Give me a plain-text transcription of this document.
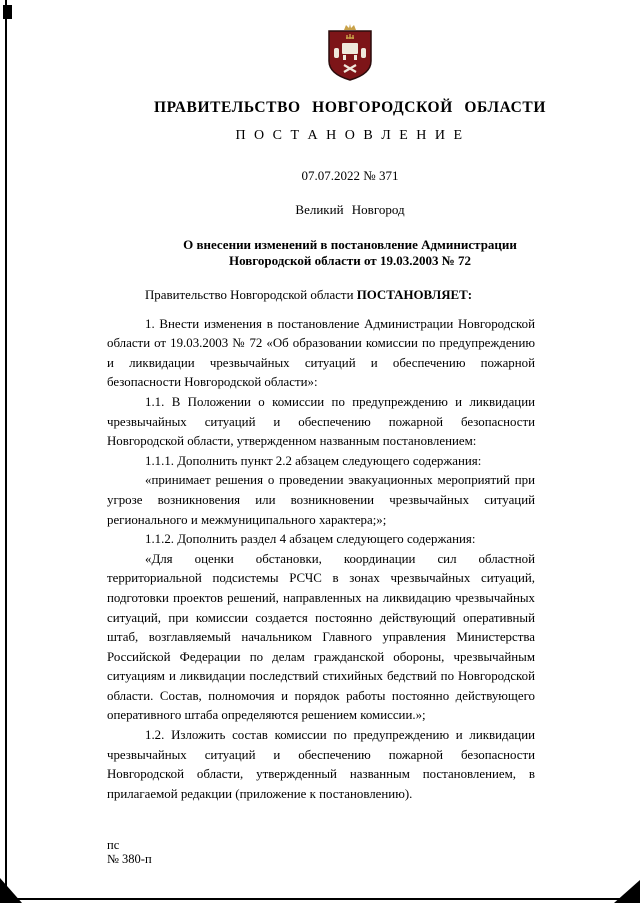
ПРАВИТЕЛЬСТВО НОВГОРОДСКОЙ ОБЛАСТИ
П О С Т А Н О В Л Е Н И Е
07.07.2022 № 371
Великий Новгород
О внесении изменений в постановление Администрации
Новгородской области от 19.03.2003 № 72

Правительство Новгородской области ПОСТАНОВЛЯЕТ:

1. Внести изменения в постановление Администрации Новгородской области от 19.03.2003 № 72 «Об образовании комиссии по предупреждению и ликвидации чрезвычайных ситуаций и обеспечению пожарной безопасности Новгородской области»:

1.1. В Положении о комиссии по предупреждению и ликвидации чрезвычайных ситуаций и обеспечению пожарной безопасности Новгородской области, утвержденном названным постановлением:

1.1.1. Дополнить пункт 2.2 абзацем следующего содержания:

«принимает решения о проведении эвакуационных мероприятий при угрозе возникновения или возникновении чрезвычайных ситуаций регионального и межмуниципального характера;»;

1.1.2. Дополнить раздел 4 абзацем следующего содержания:

«Для оценки обстановки, координации сил областной территориальной подсистемы РСЧС в зонах чрезвычайных ситуаций, подготовки проектов решений, направленных на ликвидацию чрезвычайных ситуаций, при комиссии создается постоянно действующий оперативный штаб, возглавляемый начальником Главного управления Министерства Российской Федерации по делам гражданской обороны, чрезвычайным ситуациям и ликвидации последствий стихийных бедствий по Новгородской области. Состав, полномочия и порядок работы постоянно действующего оперативного штаба определяются решением комиссии.»;

1.2. Изложить состав комиссии по предупреждению и ликвидации чрезвычайных ситуаций и обеспечению пожарной безопасности Новгородской области, утвержденный названным постановлением, в прилагаемой редакции (приложение к постановлению).

пс
№ 380-п
